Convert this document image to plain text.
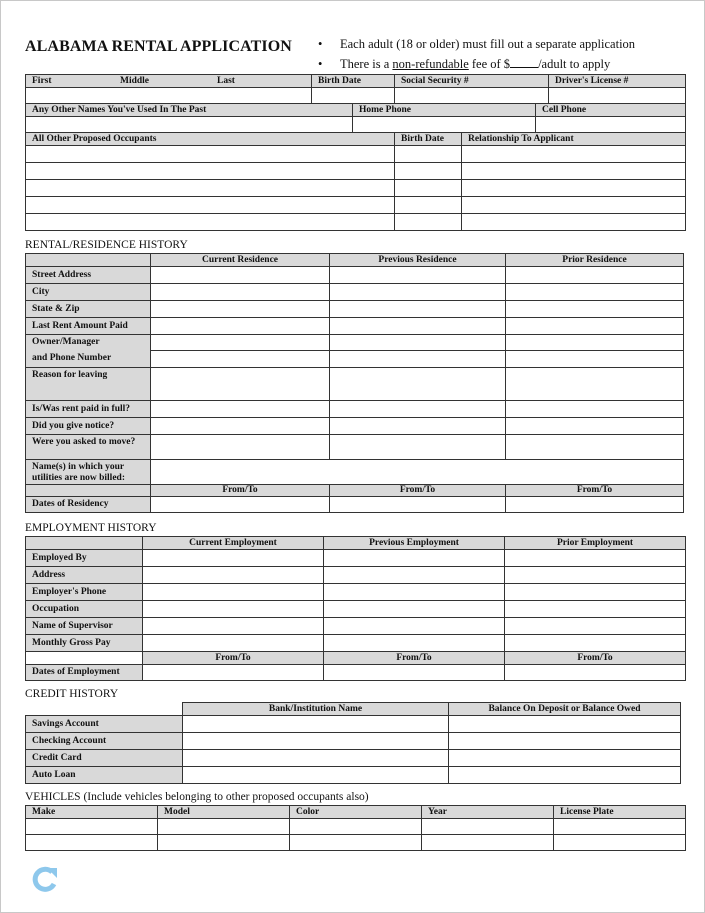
ALABAMA RENTAL APPLICATION • Each adult (18 or older) must fill out a separate application
• There is a non-refundable fee of $ /adult to apply
First Middle Last	Birth Date		Social Security #			Driver's License #

Any Other Names You've Used In The Past		Home Phone			Cell Phone	

All Other Proposed Occupants			Birth Date	Relationship To Applicant		

RENTAL/RESIDENCE HISTORY
	Current Residence	Previous Residence	Prior Residence
Street Address			
City			
State & Zip			
Last Rent Amount Paid			
Owner/Manager			
and Phone Number			
Reason for leaving			
Is/Was rent paid in full?			
Did you give notice?			
Were you asked to move?			
Name(s) in which your utilities are now billed:			
	From/To	From/To	From/To
Dates of Residency			
EMPLOYMENT HISTORY
	Current Employment	Previous Employment	Prior Employment
Employed By			
Address			
Employer's Phone			
Occupation			
Name of Supervisor			
Monthly Gross Pay			
	From/To	From/To	From/To
Dates of Employment			
CREDIT HISTORY
	Bank/Institution Name	Balance On Deposit or Balance Owed
Savings Account		
Checking Account		
Credit Card		
Auto Loan		
VEHICLES (Include vehicles belonging to other proposed occupants also)
Make	Model	Color	Year	License Plate
